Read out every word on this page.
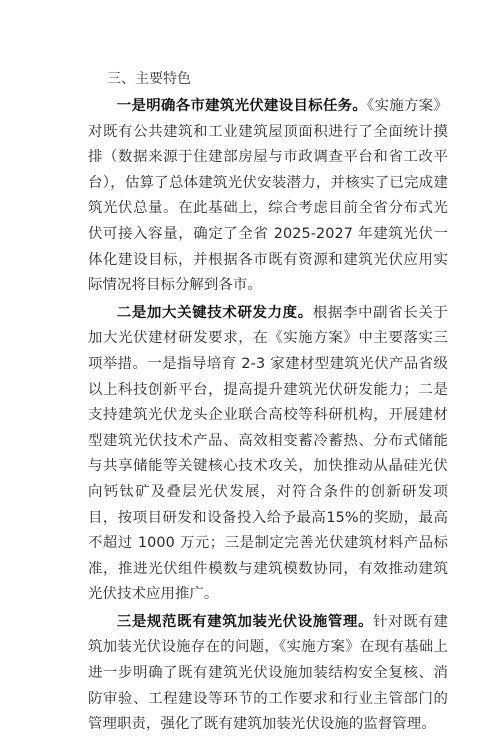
三、主要特色

一是明确各市建筑光伏建设目标任务。《实施方案》对既有公共建筑和工业建筑屋顶面积进行了全面统计摸排（数据来源于住建部房屋与市政调查平台和省工改平台），估算了总体建筑光伏安装潜力，并核实了已完成建筑光伏总量。在此基础上，综合考虑目前全省分布式光伏可接入容量，确定了全省 2025-2027 年建筑光伏一体化建设目标，并根据各市既有资源和建筑光伏应用实际情况将目标分解到各市。

二是加大关键技术研发力度。根据李中副省长关于加大光伏建材研发要求，在《实施方案》中主要落实三项举措。一是指导培育 2-3 家建材型建筑光伏产品省级以上科技创新平台，提高提升建筑光伏研发能力；二是支持建筑光伏龙头企业联合高校等科研机构，开展建材型建筑光伏技术产品、高效相变蓄冷蓄热、分布式储能与共享储能等关键核心技术攻关，加快推动从晶硅光伏向钙钛矿及叠层光伏发展，对符合条件的创新研发项目，按项目研发和设备投入给予最高15%的奖励，最高不超过 1000 万元；三是制定完善光伏建筑材料产品标准，推进光伏组件模数与建筑模数协同，有效推动建筑光伏技术应用推广。

三是规范既有建筑加装光伏设施管理。针对既有建筑加装光伏设施存在的问题，《实施方案》在现有基础上进一步明确了既有建筑光伏设施加装结构安全复核、消防审验、工程建设等环节的工作要求和行业主管部门的管理职责，强化了既有建筑加装光伏设施的监督管理。
